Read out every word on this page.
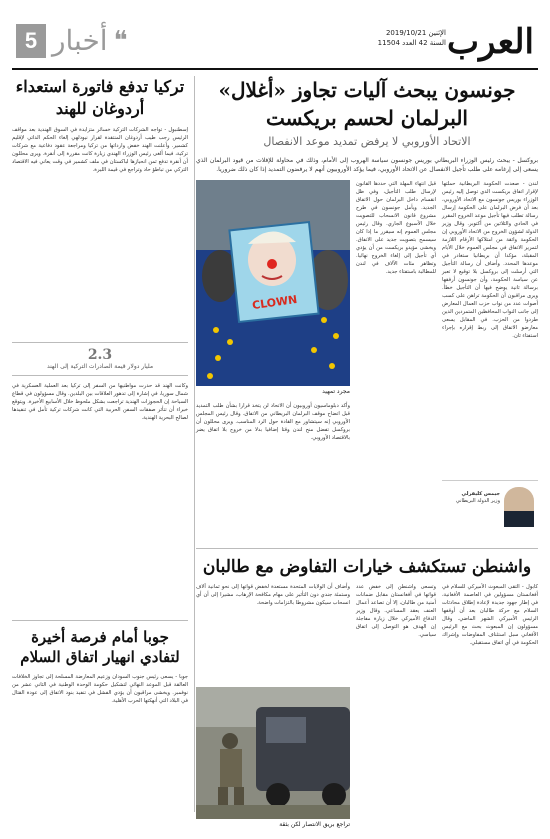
العرب
الإثنين 2019/10/21
السنة 42 العدد 11504
5 أخبار ❝
جونسون يبحث آليات تجاوز «أغلال»
البرلمان لحسم بريكست
الاتحاد الأوروبي لا يرفض تمديد موعد الانفصال
بروكسل - يبحث رئيس الوزراء البريطاني بوريس جونسون سياسة الهروب إلى الأمام، وذلك في محاولة للإفلات من قيود البرلمان الذي يسعى إلى إرغامه على طلب تأجيل الانفصال عن الاتحاد الأوروبي، فيما يؤكد الأوروبيون أنهم لا يرفضون التمديد إذا كان ذلك ضروريا.
لندن - صعدت الحكومة البريطانية حملتها لإقرار اتفاق بريكست الذي توصل إليه رئيس الوزراء بوريس جونسون مع الاتحاد الأوروبي، بعد أن فرض البرلمان على الحكومة إرسال رسالة تطلب فيها تأجيل موعد الخروج المقرر في الحادي والثلاثين من أكتوبر. وقال وزير الدولة لشؤون الخروج من الاتحاد الأوروبي إن الحكومة واثقة من امتلاكها الأرقام اللازمة لتمرير الاتفاق في مجلس العموم خلال الأيام المقبلة، مؤكدا أن بريطانيا ستغادر في موعدها المحدد. وأضاف أن رسالة التأجيل التي أرسلت إلى بروكسل بلا توقيع لا تعبر عن سياسة الحكومة، وأن جونسون أرفقها برسالة ثانية يوضح فيها أن التأجيل خطأ. ويرى مراقبون أن الحكومة تراهن على كسب أصوات عدد من نواب حزب العمال المعارض إلى جانب النواب المحافظين المتمردين الذين طردوا من الحزب. في المقابل يسعى معارضو الاتفاق إلى ربط إقراره بإجراء استفتاء ثان.
جيمس كليفرلي
وزير الدولة البريطاني
قبل انتهاء المهلة التي حددها القانون لإرسال طلب التأجيل، وفي ظل انقسام داخل البرلمان حول الاتفاق الجديد. ويأمل جونسون في طرح مشروع قانون الانسحاب للتصويت خلال الأسبوع الجاري. وقال رئيس مجلس العموم إنه سيقرر ما إذا كان سيسمح بتصويت جديد على الاتفاق. ويخشى مؤيدو بريكست من أن يؤدي أي تأجيل إلى إلغاء الخروج نهائيا. وتظاهر مئات الآلاف في لندن للمطالبة باستفتاء جديد.
CLOWN
مجرد تمهيد
وأكد دبلوماسيون أوروبيون أن الاتحاد لن يتخذ قرارا بشأن طلب التمديد قبل اتضاح موقف البرلمان البريطاني من الاتفاق. وقال رئيس المجلس الأوروبي إنه سيتشاور مع القادة حول الرد المناسب. ويرى محللون أن بروكسل تفضل منح لندن وقتا إضافيا بدلا من خروج بلا اتفاق يضر بالاقتصاد الأوروبي.
واشنطن تستكشف خيارات التفاوض مع طالبان
كابول - التقى المبعوث الأميركي للسلام في أفغانستان مسؤولين في العاصمة الأفغانية، في إطار جهود جديدة لإعادة إطلاق محادثات السلام مع حركة طالبان بعد أن أوقفها الرئيس الأميركي الشهر الماضي. وقال مسؤولون إن المبعوث بحث مع الرئيس الأفغاني سبل استئناف المفاوضات وإشراك الحكومة في أي اتفاق مستقبلي.
وتسعى واشنطن إلى خفض عدد قواتها في أفغانستان مقابل ضمانات أمنية من طالبان، إلا أن تصاعد أعمال العنف يعقد المساعي. وقال وزير الدفاع الأميركي خلال زيارة مفاجئة إن الهدف هو التوصل إلى اتفاق سياسي.
وأضاف أن الولايات المتحدة مستعدة لخفض قواتها إلى نحو ثمانية آلاف وستمئة جندي دون التأثير على مهام مكافحة الإرهاب، مشيرا إلى أن أي انسحاب سيكون مشروطا بالتزامات واضحة.
تراجع بريق الانتصار لكن بثقة
تركيا تدفع فاتورة استعداء أردوغان للهند
إسطنبول - تواجه الشركات التركية خسائر متزايدة في السوق الهندية بعد مواقف الرئيس رجب طيب أردوغان المنتقدة لقرار نيودلهي إلغاء الحكم الذاتي لإقليم كشمير. وأعلنت الهند خفض وارداتها من تركيا ومراجعة عقود دفاعية مع شركات تركية، فيما ألغى رئيس الوزراء الهندي زيارة كانت مقررة إلى أنقرة. ويرى محللون أن أنقرة تدفع ثمن انحيازها لباكستان في ملف كشمير في وقت يعاني فيه الاقتصاد التركي من تباطؤ حاد وتراجع في قيمة الليرة.
2.3
مليار دولار قيمة الصادرات التركية إلى الهند
وكانت الهند قد حذرت مواطنيها من السفر إلى تركيا بعد العملية العسكرية في شمال سوريا، في إشارة إلى تدهور العلاقات بين البلدين. وقال مسؤولون في قطاع السياحة إن الحجوزات الهندية تراجعت بشكل ملحوظ خلال الأسابيع الأخيرة. ويتوقع خبراء أن تتأثر صفقات السفن الحربية التي كانت شركات تركية تأمل في تنفيذها لصالح البحرية الهندية.
جوبا أمام فرصة أخيرة لتفادي انهيار اتفاق السلام
جوبا - يسعى رئيس جنوب السودان وزعيم المعارضة المسلحة إلى تجاوز الخلافات العالقة قبل الموعد النهائي لتشكيل حكومة الوحدة الوطنية في الثاني عشر من نوفمبر. ويخشى مراقبون أن يؤدي الفشل في تنفيذ بنود الاتفاق إلى عودة القتال في البلاد التي أنهكتها الحرب الأهلية.
